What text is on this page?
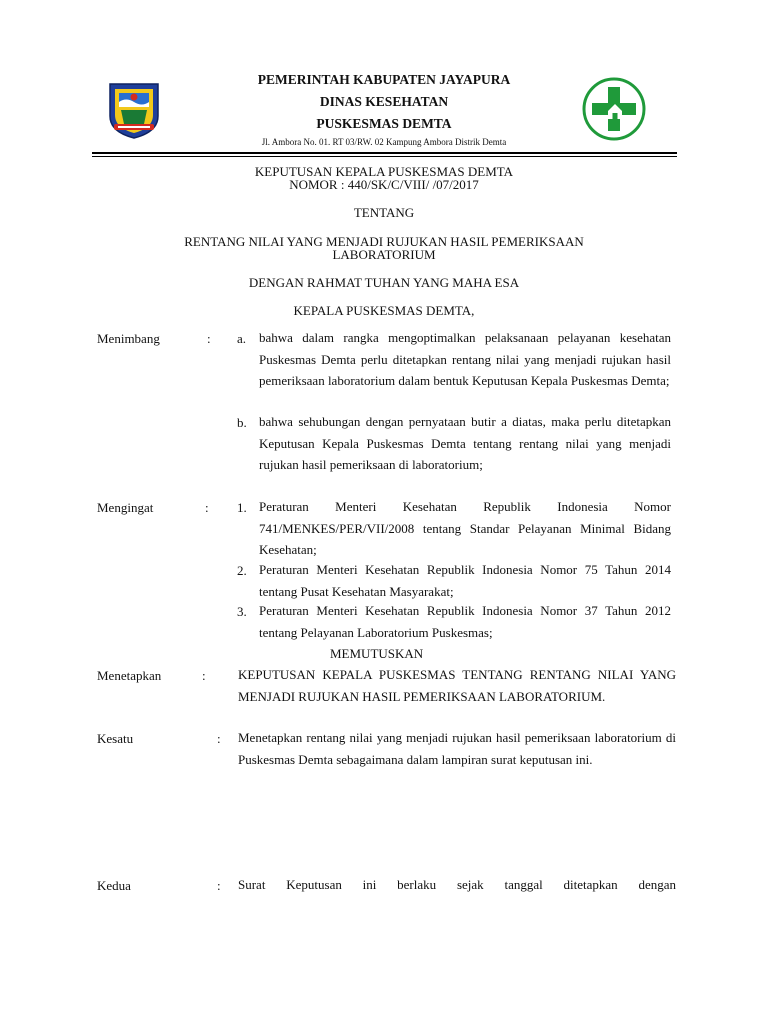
PEMERINTAH KABUPATEN JAYAPURA
DINAS KESEHATAN
PUSKESMAS DEMTA
Jl. Ambora No. 01. RT 03/RW. 02 Kampung Ambora Distrik Demta
KEPUTUSAN KEPALA PUSKESMAS DEMTA
NOMOR : 440/SK/C/VIII/ /07/2017
TENTANG
RENTANG NILAI YANG MENJADI RUJUKAN HASIL PEMERIKSAAN
LABORATORIUM
DENGAN RAHMAT TUHAN YANG MAHA ESA
KEPALA PUSKESMAS DEMTA,
Menimbang	: a. bahwa dalam rangka mengoptimalkan pelaksanaan pelayanan kesehatan Puskesmas Demta perlu ditetapkan rentang nilai yang menjadi rujukan hasil pemeriksaan laboratorium dalam bentuk Keputusan Kepala Puskesmas Demta;
b. bahwa sehubungan dengan pernyataan butir a diatas, maka perlu ditetapkan Keputusan Kepala Puskesmas Demta tentang rentang nilai yang menjadi rujukan hasil pemeriksaan di laboratorium;
Mengingat	: 1. Peraturan Menteri Kesehatan Republik Indonesia Nomor 741/MENKES/PER/VII/2008 tentang Standar Pelayanan Minimal Bidang Kesehatan;
2. Peraturan Menteri Kesehatan Republik Indonesia Nomor 75 Tahun 2014 tentang Pusat Kesehatan Masyarakat;
3. Peraturan Menteri Kesehatan Republik Indonesia Nomor 37 Tahun 2012 tentang Pelayanan Laboratorium Puskesmas;
MEMUTUSKAN
Menetapkan	: KEPUTUSAN KEPALA PUSKESMAS TENTANG RENTANG NILAI YANG MENJADI RUJUKAN HASIL PEMERIKSAAN LABORATORIUM.
Kesatu	: Menetapkan rentang nilai yang menjadi rujukan hasil pemeriksaan laboratorium di Puskesmas Demta sebagaimana dalam lampiran surat keputusan ini.
Kedua	: Surat Keputusan ini berlaku sejak tanggal ditetapkan dengan
